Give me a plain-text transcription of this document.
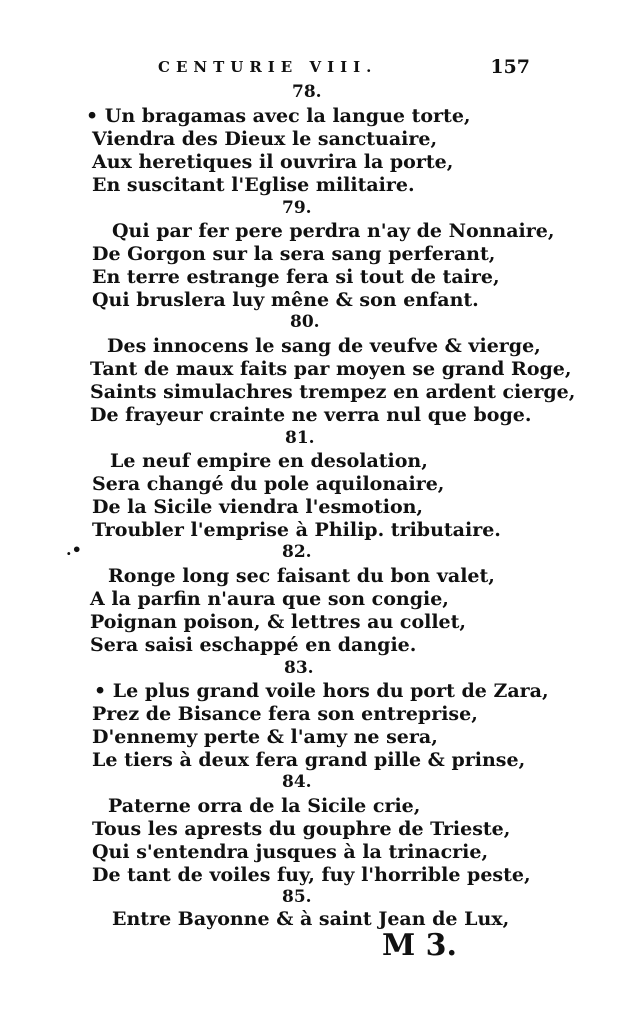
CENTURIE VIII.	157
78.
• Un bragamas avec la langue torte,
Viendra des Dieux le sanctuaire,
Aux heretiques il ouvrira la porte,
En suscitant l'Eglise militaire.
79.
Qui par fer pere perdra n'ay de Nonnaire,
De Gorgon sur la sera sang perferant,
En terre estrange fera si tout de taire,
Qui bruslera luy mêne & son enfant.
80.
Des innocens le sang de veufve & vierge,
Tant de maux faits par moyen se grand Roge,
Saints simulachres trempez en ardent cierge,
De frayeur crainte ne verra nul que boge.
81.
Le neuf empire en desolation,
Sera changé du pole aquilonaire,
De la Sicile viendra l'esmotion,
Troubler l'emprise à Philip. tributaire.
.•	82.
Ronge long sec faisant du bon valet,
A la parfin n'aura que son congie,
Poignan poison, & lettres au collet,
Sera saisi eschappé en dangie.
83.
• Le plus grand voile hors du port de Zara,
Prez de Bisance fera son entreprise,
D'ennemy perte & l'amy ne sera,
Le tiers à deux fera grand pille & prinse,
84.
Paterne orra de la Sicile crie,
Tous les aprests du gouphre de Trieste,
Qui s'entendra jusques à la trinacrie,
De tant de voiles fuy, fuy l'horrible peste,
85.
Entre Bayonne & à saint Jean de Lux,
M 3.
